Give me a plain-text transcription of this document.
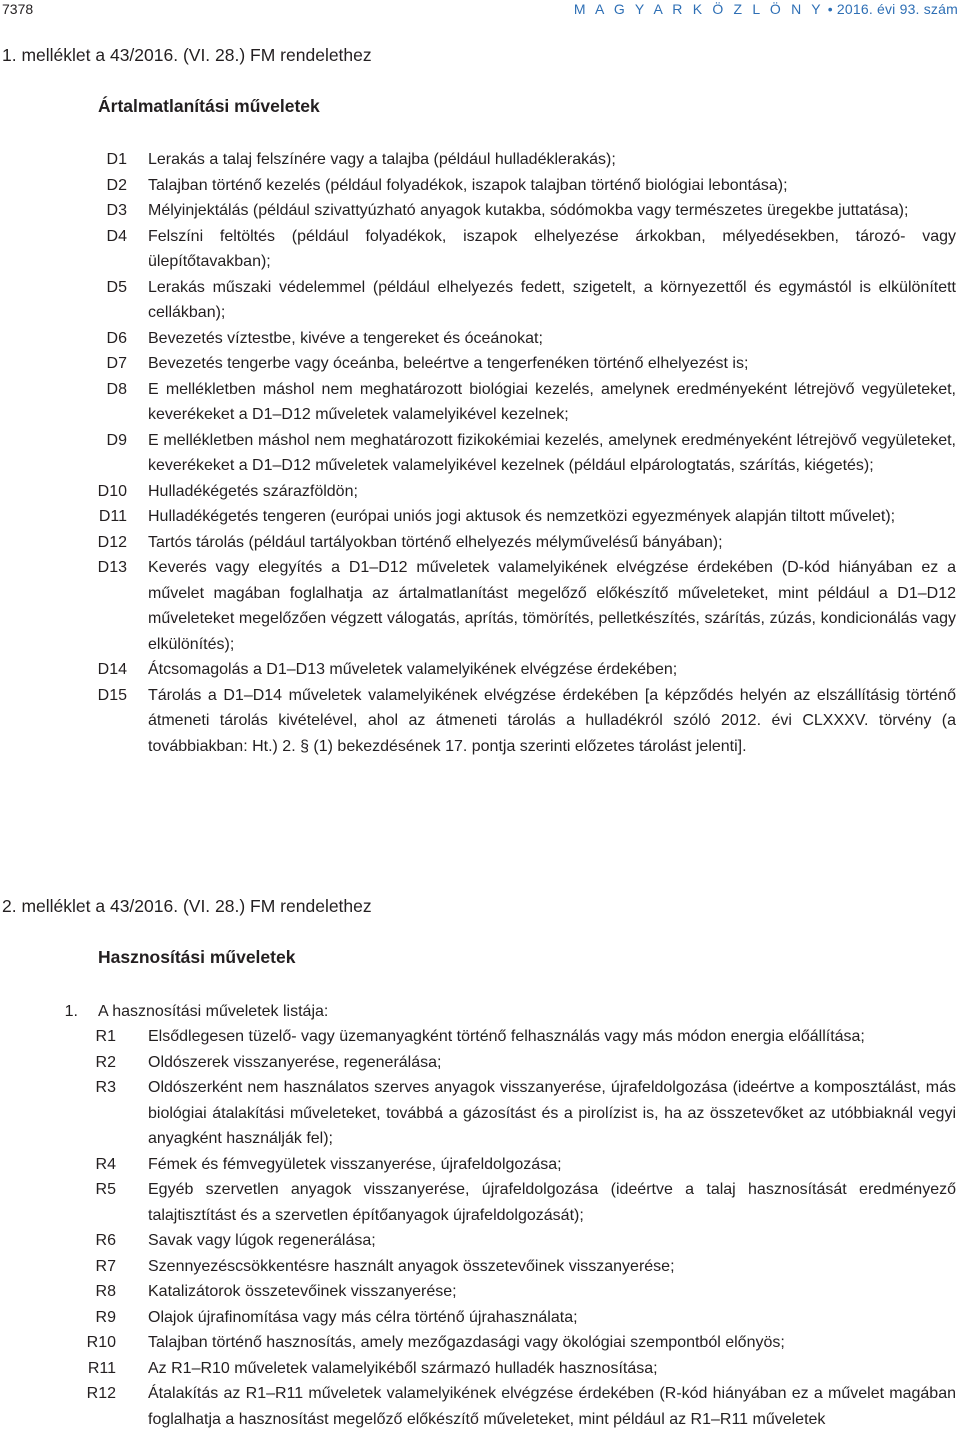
7378	M A G Y A R K Ö Z L Ö N Y • 2016. évi 93. szám
1. melléklet a 43/2016. (VI. 28.) FM rendelethez
Ártalmatlanítási műveletek
D1 Lerakás a talaj felszínére vagy a talajba (például hulladéklerakás);
D2 Talajban történő kezelés (például folyadékok, iszapok talajban történő biológiai lebontása);
D3 Mélyinjektálás (például szivattyúzható anyagok kutakba, sódómokba vagy természetes üregekbe juttatása);
D4 Felszíni feltöltés (például folyadékok, iszapok elhelyezése árkokban, mélyedésekben, tározó- vagy ülepítőtavakban);
D5 Lerakás műszaki védelemmel (például elhelyezés fedett, szigetelt, a környezettől és egymástól is elkülönített cellákban);
D6 Bevezetés víztestbe, kivéve a tengereket és óceánokat;
D7 Bevezetés tengerbe vagy óceánba, beleértve a tengerfenéken történő elhelyezést is;
D8 E mellékletben máshol nem meghatározott biológiai kezelés, amelynek eredményeként létrejövő vegyületeket, keverékeket a D1–D12 műveletek valamelyikével kezelnek;
D9 E mellékletben máshol nem meghatározott fizikokémiai kezelés, amelynek eredményeként létrejövő vegyületeket, keverékeket a D1–D12 műveletek valamelyikével kezelnek (például elpárologtatás, szárítás, kiégetés);
D10 Hulladékégetés szárazföldön;
D11 Hulladékégetés tengeren (európai uniós jogi aktusok és nemzetközi egyezmények alapján tiltott művelet);
D12 Tartós tárolás (például tartályokban történő elhelyezés mélyművelésű bányában);
D13 Keverés vagy elegyítés a D1–D12 műveletek valamelyikének elvégzése érdekében (D-kód hiányában ez a művelet magában foglalhatja az ártalmatlanítást megelőző előkészítő műveleteket, mint például a D1–D12 műveleteket megelőzően végzett válogatás, aprítás, tömörítés, pelletkészítés, szárítás, zúzás, kondicionálás vagy elkülönítés);
D14 Átcsomagolás a D1–D13 műveletek valamelyikének elvégzése érdekében;
D15 Tárolás a D1–D14 műveletek valamelyikének elvégzése érdekében [a képződés helyén az elszállításig történő átmeneti tárolás kivételével, ahol az átmeneti tárolás a hulladékról szóló 2012. évi CLXXXV. törvény (a továbbiakban: Ht.) 2. § (1) bekezdésének 17. pontja szerinti előzetes tárolást jelenti].
2. melléklet a 43/2016. (VI. 28.) FM rendelethez
Hasznosítási műveletek
1. A hasznosítási műveletek listája:
R1 Elsődlegesen tüzelő- vagy üzemanyagként történő felhasználás vagy más módon energia előállítása;
R2 Oldószerek visszanyerése, regenerálása;
R3 Oldószerként nem használatos szerves anyagok visszanyerése, újrafeldolgozása (ideértve a komposztálást, más biológiai átalakítási műveleteket, továbbá a gázosítást és a pirolízist is, ha az összetevőket az utóbbiaknál vegyi anyagként használják fel);
R4 Fémek és fémvegyületek visszanyerése, újrafeldolgozása;
R5 Egyéb szervetlen anyagok visszanyerése, újrafeldolgozása (ideértve a talaj hasznosítását eredményező talajtisztítást és a szervetlen építőanyagok újrafeldolgozását);
R6 Savak vagy lúgok regenerálása;
R7 Szennyezéscsökkentésre használt anyagok összetevőinek visszanyerése;
R8 Katalizátorok összetevőinek visszanyerése;
R9 Olajok újrafinomítása vagy más célra történő újrahasználata;
R10 Talajban történő hasznosítás, amely mezőgazdasági vagy ökológiai szempontból előnyös;
R11 Az R1–R10 műveletek valamelyikéből származó hulladék hasznosítása;
R12 Átalakítás az R1–R11 műveletek valamelyikének elvégzése érdekében (R-kód hiányában ez a művelet magában foglalhatja a hasznosítást megelőző előkészítő műveleteket, mint például az R1–R11 műveletek
